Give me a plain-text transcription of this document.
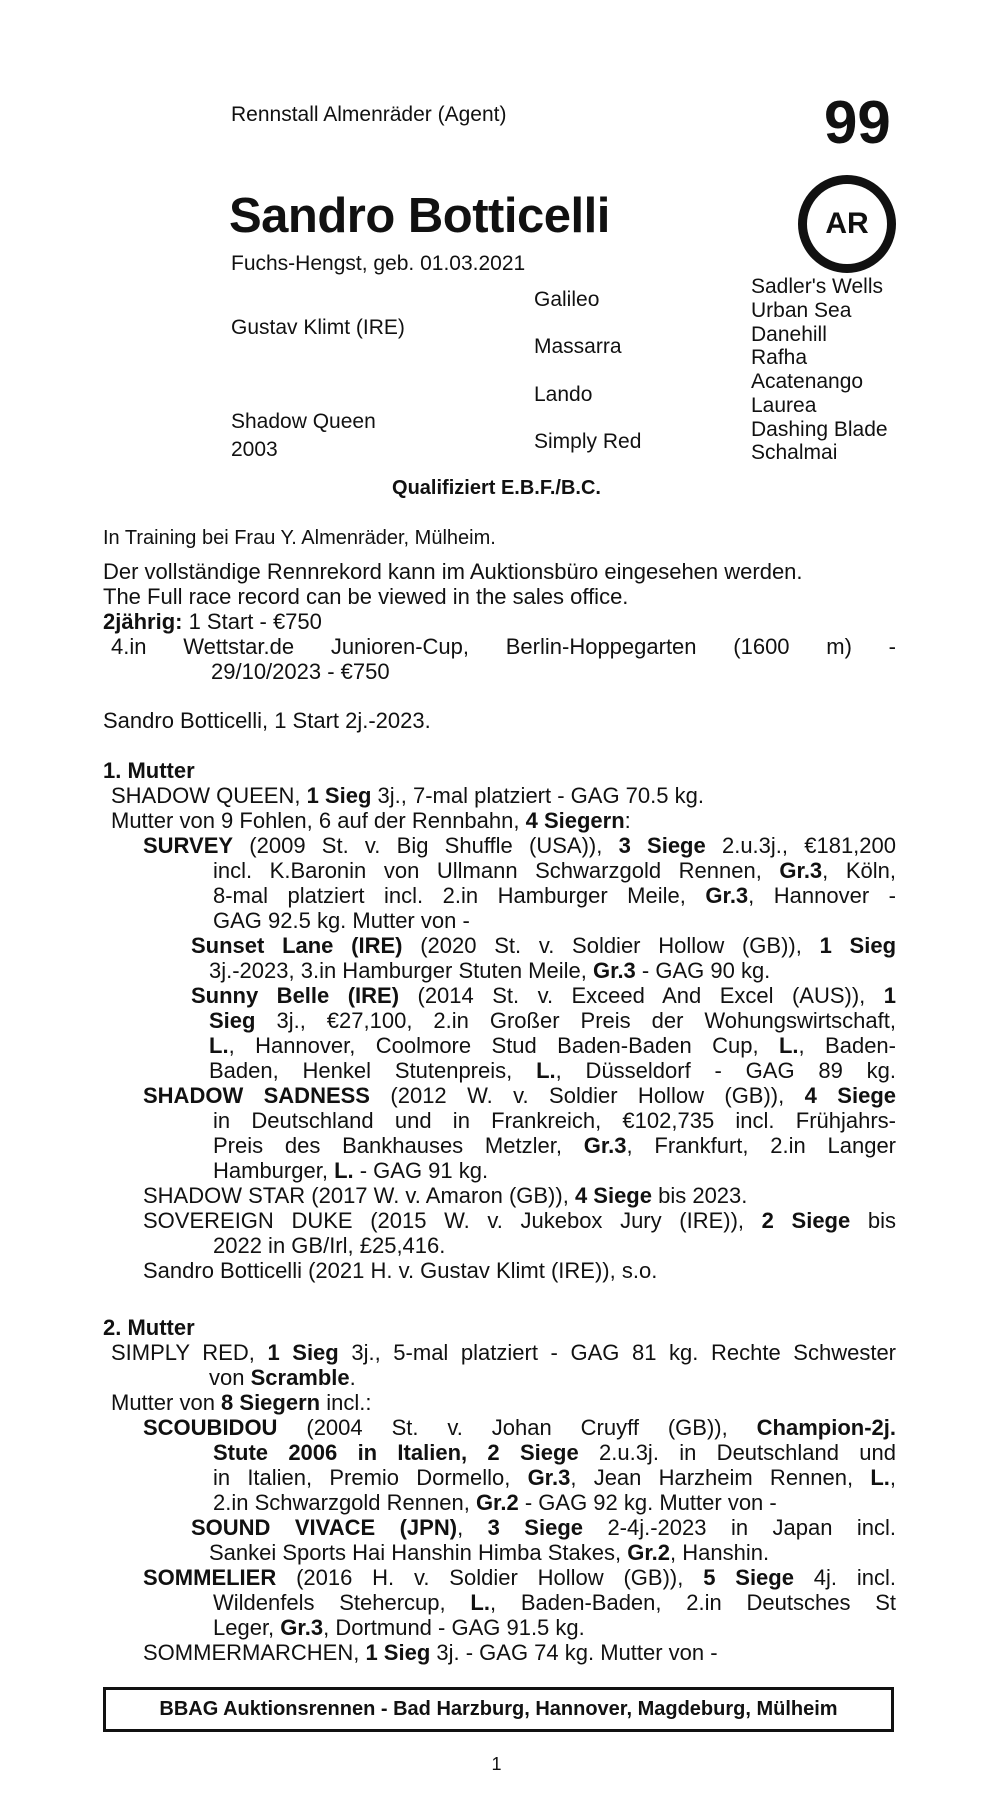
Rennstall Almenräder (Agent)	99
Sandro Botticelli	AR
Fuchs-Hengst, geb. 01.03.2021
Gustav Klimt (IRE)
Shadow Queen
2003
Galileo
Massarra
Lando
Simply Red
Sadler's Wells
Urban Sea
Danehill
Rafha
Acatenango
Laurea
Dashing Blade
Schalmai
Qualifiziert E.B.F./B.C.
In Training bei Frau Y. Almenräder, Mülheim.
Der vollständige Rennrekord kann im Auktionsbüro eingesehen werden.
The Full race record can be viewed in the sales office.
2jährig: 1 Start - €750
4.in Wettstar.de Junioren-Cup, Berlin-Hoppegarten (1600 m) -
29/10/2023 - €750
Sandro Botticelli, 1 Start 2j.-2023.
1. Mutter
SHADOW QUEEN, 1 Sieg 3j., 7-mal platziert - GAG 70.5 kg.
Mutter von 9 Fohlen, 6 auf der Rennbahn, 4 Siegern:
SURVEY (2009 St. v. Big Shuffle (USA)), 3 Siege 2.u.3j., €181,200
incl. K.Baronin von Ullmann Schwarzgold Rennen, Gr.3, Köln,
8-mal platziert incl. 2.in Hamburger Meile, Gr.3, Hannover -
GAG 92.5 kg. Mutter von -
Sunset Lane (IRE) (2020 St. v. Soldier Hollow (GB)), 1 Sieg
3j.-2023, 3.in Hamburger Stuten Meile, Gr.3 - GAG 90 kg.
Sunny Belle (IRE) (2014 St. v. Exceed And Excel (AUS)), 1
Sieg 3j., €27,100, 2.in Großer Preis der Wohungswirtschaft,
L., Hannover, Coolmore Stud Baden-Baden Cup, L., Baden-
Baden, Henkel Stutenpreis, L., Düsseldorf - GAG 89 kg.
SHADOW SADNESS (2012 W. v. Soldier Hollow (GB)), 4 Siege
in Deutschland und in Frankreich, €102,735 incl. Frühjahrs-
Preis des Bankhauses Metzler, Gr.3, Frankfurt, 2.in Langer
Hamburger, L. - GAG 91 kg.
SHADOW STAR (2017 W. v. Amaron (GB)), 4 Siege bis 2023.
SOVEREIGN DUKE (2015 W. v. Jukebox Jury (IRE)), 2 Siege bis
2022 in GB/Irl, £25,416.
Sandro Botticelli (2021 H. v. Gustav Klimt (IRE)), s.o.
2. Mutter
SIMPLY RED, 1 Sieg 3j., 5-mal platziert - GAG 81 kg. Rechte Schwester
von Scramble.
Mutter von 8 Siegern incl.:
SCOUBIDOU (2004 St. v. Johan Cruyff (GB)), Champion-2j.
Stute 2006 in Italien, 2 Siege 2.u.3j. in Deutschland und
in Italien, Premio Dormello, Gr.3, Jean Harzheim Rennen, L.,
2.in Schwarzgold Rennen, Gr.2 - GAG 92 kg. Mutter von -
SOUND VIVACE (JPN), 3 Siege 2-4j.-2023 in Japan incl.
Sankei Sports Hai Hanshin Himba Stakes, Gr.2, Hanshin.
SOMMELIER (2016 H. v. Soldier Hollow (GB)), 5 Siege 4j. incl.
Wildenfels Stehercup, L., Baden-Baden, 2.in Deutsches St
Leger, Gr.3, Dortmund - GAG 91.5 kg.
SOMMERMARCHEN, 1 Sieg 3j. - GAG 74 kg. Mutter von -
BBAG Auktionsrennen - Bad Harzburg, Hannover, Magdeburg, Mülheim
1
